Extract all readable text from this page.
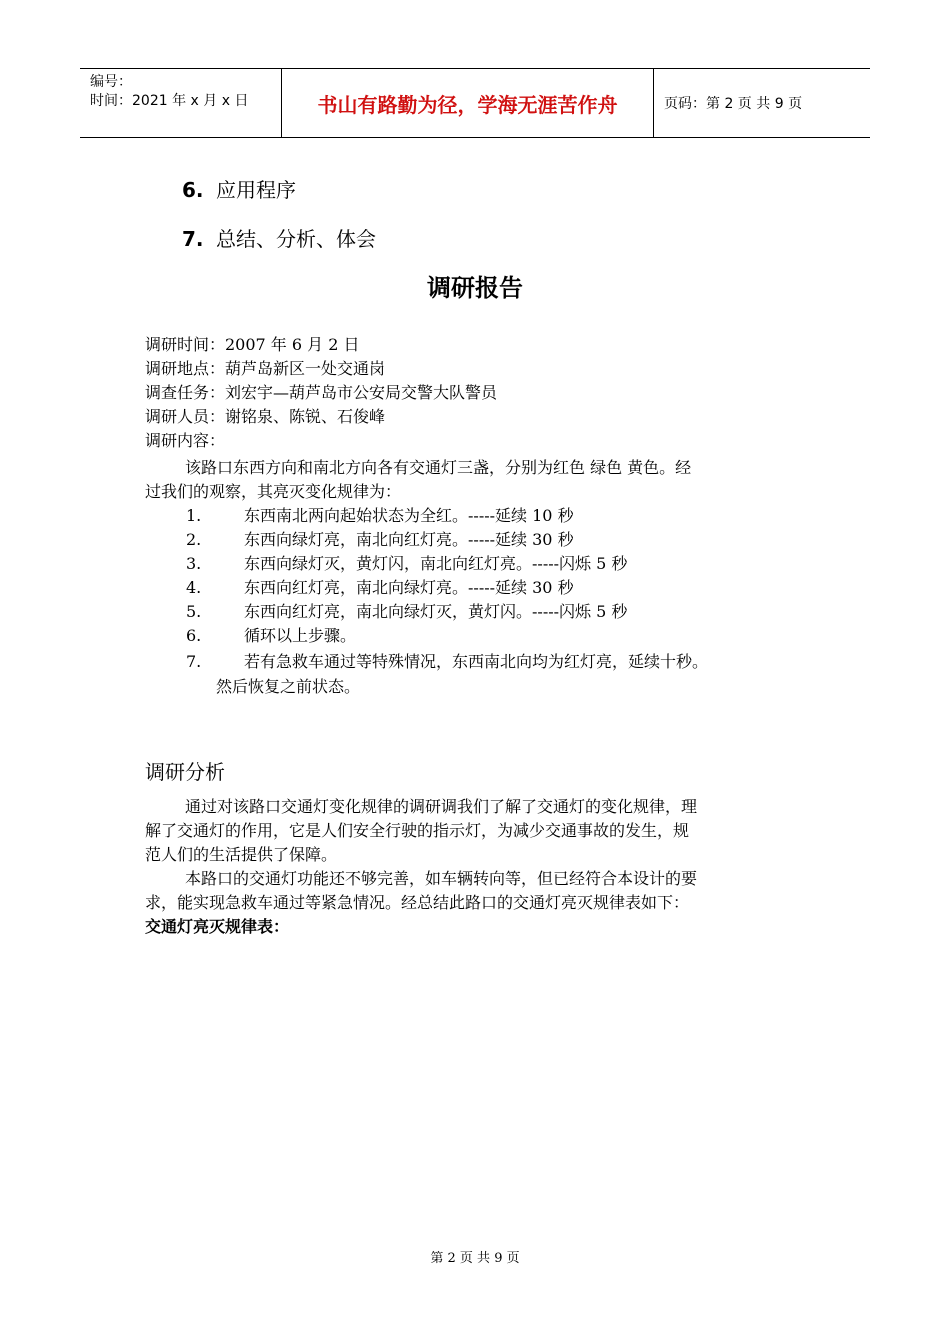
编号：
时间：2021 年 x 月 x 日	书山有路勤为径，学海无涯苦作舟	页码：第 2 页 共 9 页
6. 应用程序
7. 总结、分析、体会
调研报告
调研时间：2007 年 6 月 2 日
调研地点：葫芦岛新区一处交通岗
调查任务：刘宏宇—葫芦岛市公安局交警大队警员
调研人员：谢铭泉、陈锐、石俊峰
调研内容：
该路口东西方向和南北方向各有交通灯三盏，分别为红色 绿色 黄色。经
过我们的观察，其亮灭变化规律为：
1.	东西南北两向起始状态为全红。-----延续 10 秒
2.	东西向绿灯亮，南北向红灯亮。-----延续 30 秒
3.	东西向绿灯灭，黄灯闪，南北向红灯亮。-----闪烁 5 秒
4.	东西向红灯亮，南北向绿灯亮。-----延续 30 秒
5.	东西向红灯亮，南北向绿灯灭，黄灯闪。-----闪烁 5 秒
6.	循环以上步骤。
7.	若有急救车通过等特殊情况，东西南北向均为红灯亮，延续十秒。
然后恢复之前状态。
调研分析
通过对该路口交通灯变化规律的调研调我们了解了交通灯的变化规律，理
解了交通灯的作用，它是人们安全行驶的指示灯，为减少交通事故的发生，规
范人们的生活提供了保障。
本路口的交通灯功能还不够完善，如车辆转向等，但已经符合本设计的要
求，能实现急救车通过等紧急情况。经总结此路口的交通灯亮灭规律表如下：
交通灯亮灭规律表：
第 2 页 共 9 页
